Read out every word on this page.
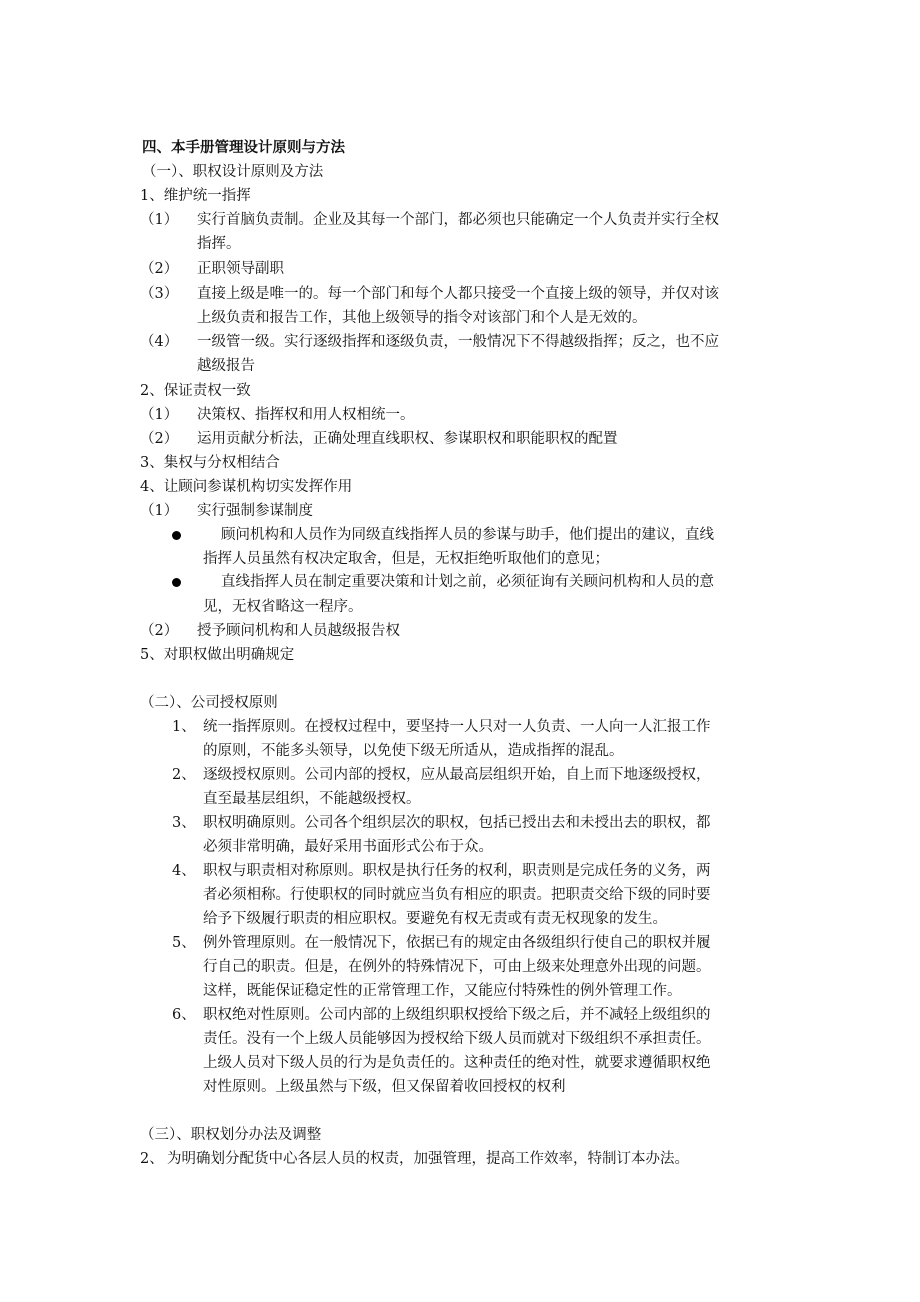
四、本手册管理设计原则与方法
（一）、职权设计原则及方法
1、维护统一指挥
（1） 实行首脑负责制。企业及其每一个部门，都必须也只能确定一个人负责并实行全权
指挥。
（2） 正职领导副职
（3） 直接上级是唯一的。每一个部门和每个人都只接受一个直接上级的领导，并仅对该
上级负责和报告工作，其他上级领导的指令对该部门和个人是无效的。
（4） 一级管一级。实行逐级指挥和逐级负责，一般情况下不得越级指挥；反之，也不应
越级报告
2、保证责权一致
（1） 决策权、指挥权和用人权相统一。
（2） 运用贡献分析法，正确处理直线职权、参谋职权和职能职权的配置
3、集权与分权相结合
4、让顾问参谋机构切实发挥作用
（1） 实行强制参谋制度
顾问机构和人员作为同级直线指挥人员的参谋与助手，他们提出的建议，直线
指挥人员虽然有权决定取舍，但是，无权拒绝听取他们的意见；
直线指挥人员在制定重要决策和计划之前，必须征询有关顾问机构和人员的意
见，无权省略这一程序。
（2） 授予顾问机构和人员越级报告权
5、对职权做出明确规定
（二）、公司授权原则
1、 统一指挥原则。在授权过程中，要坚持一人只对一人负责、一人向一人汇报工作
的原则，不能多头领导，以免使下级无所适从，造成指挥的混乱。
2、 逐级授权原则。公司内部的授权，应从最高层组织开始，自上而下地逐级授权，
直至最基层组织，不能越级授权。
3、 职权明确原则。公司各个组织层次的职权，包括已授出去和未授出去的职权，都
必须非常明确，最好采用书面形式公布于众。
4、 职权与职责相对称原则。职权是执行任务的权利，职责则是完成任务的义务，两
者必须相称。行使职权的同时就应当负有相应的职责。把职责交给下级的同时要
给予下级履行职责的相应职权。要避免有权无责或有责无权现象的发生。
5、 例外管理原则。在一般情况下，依据已有的规定由各级组织行使自己的职权并履
行自己的职责。但是，在例外的特殊情况下，可由上级来处理意外出现的问题。
这样，既能保证稳定性的正常管理工作，又能应付特殊性的例外管理工作。
6、 职权绝对性原则。公司内部的上级组织职权授给下级之后，并不减轻上级组织的
责任。没有一个上级人员能够因为授权给下级人员而就对下级组织不承担责任。
上级人员对下级人员的行为是负责任的。这种责任的绝对性，就要求遵循职权绝
对性原则。上级虽然与下级，但又保留着收回授权的权利
（三）、职权划分办法及调整
2、 为明确划分配货中心各层人员的权责，加强管理，提高工作效率，特制订本办法。
